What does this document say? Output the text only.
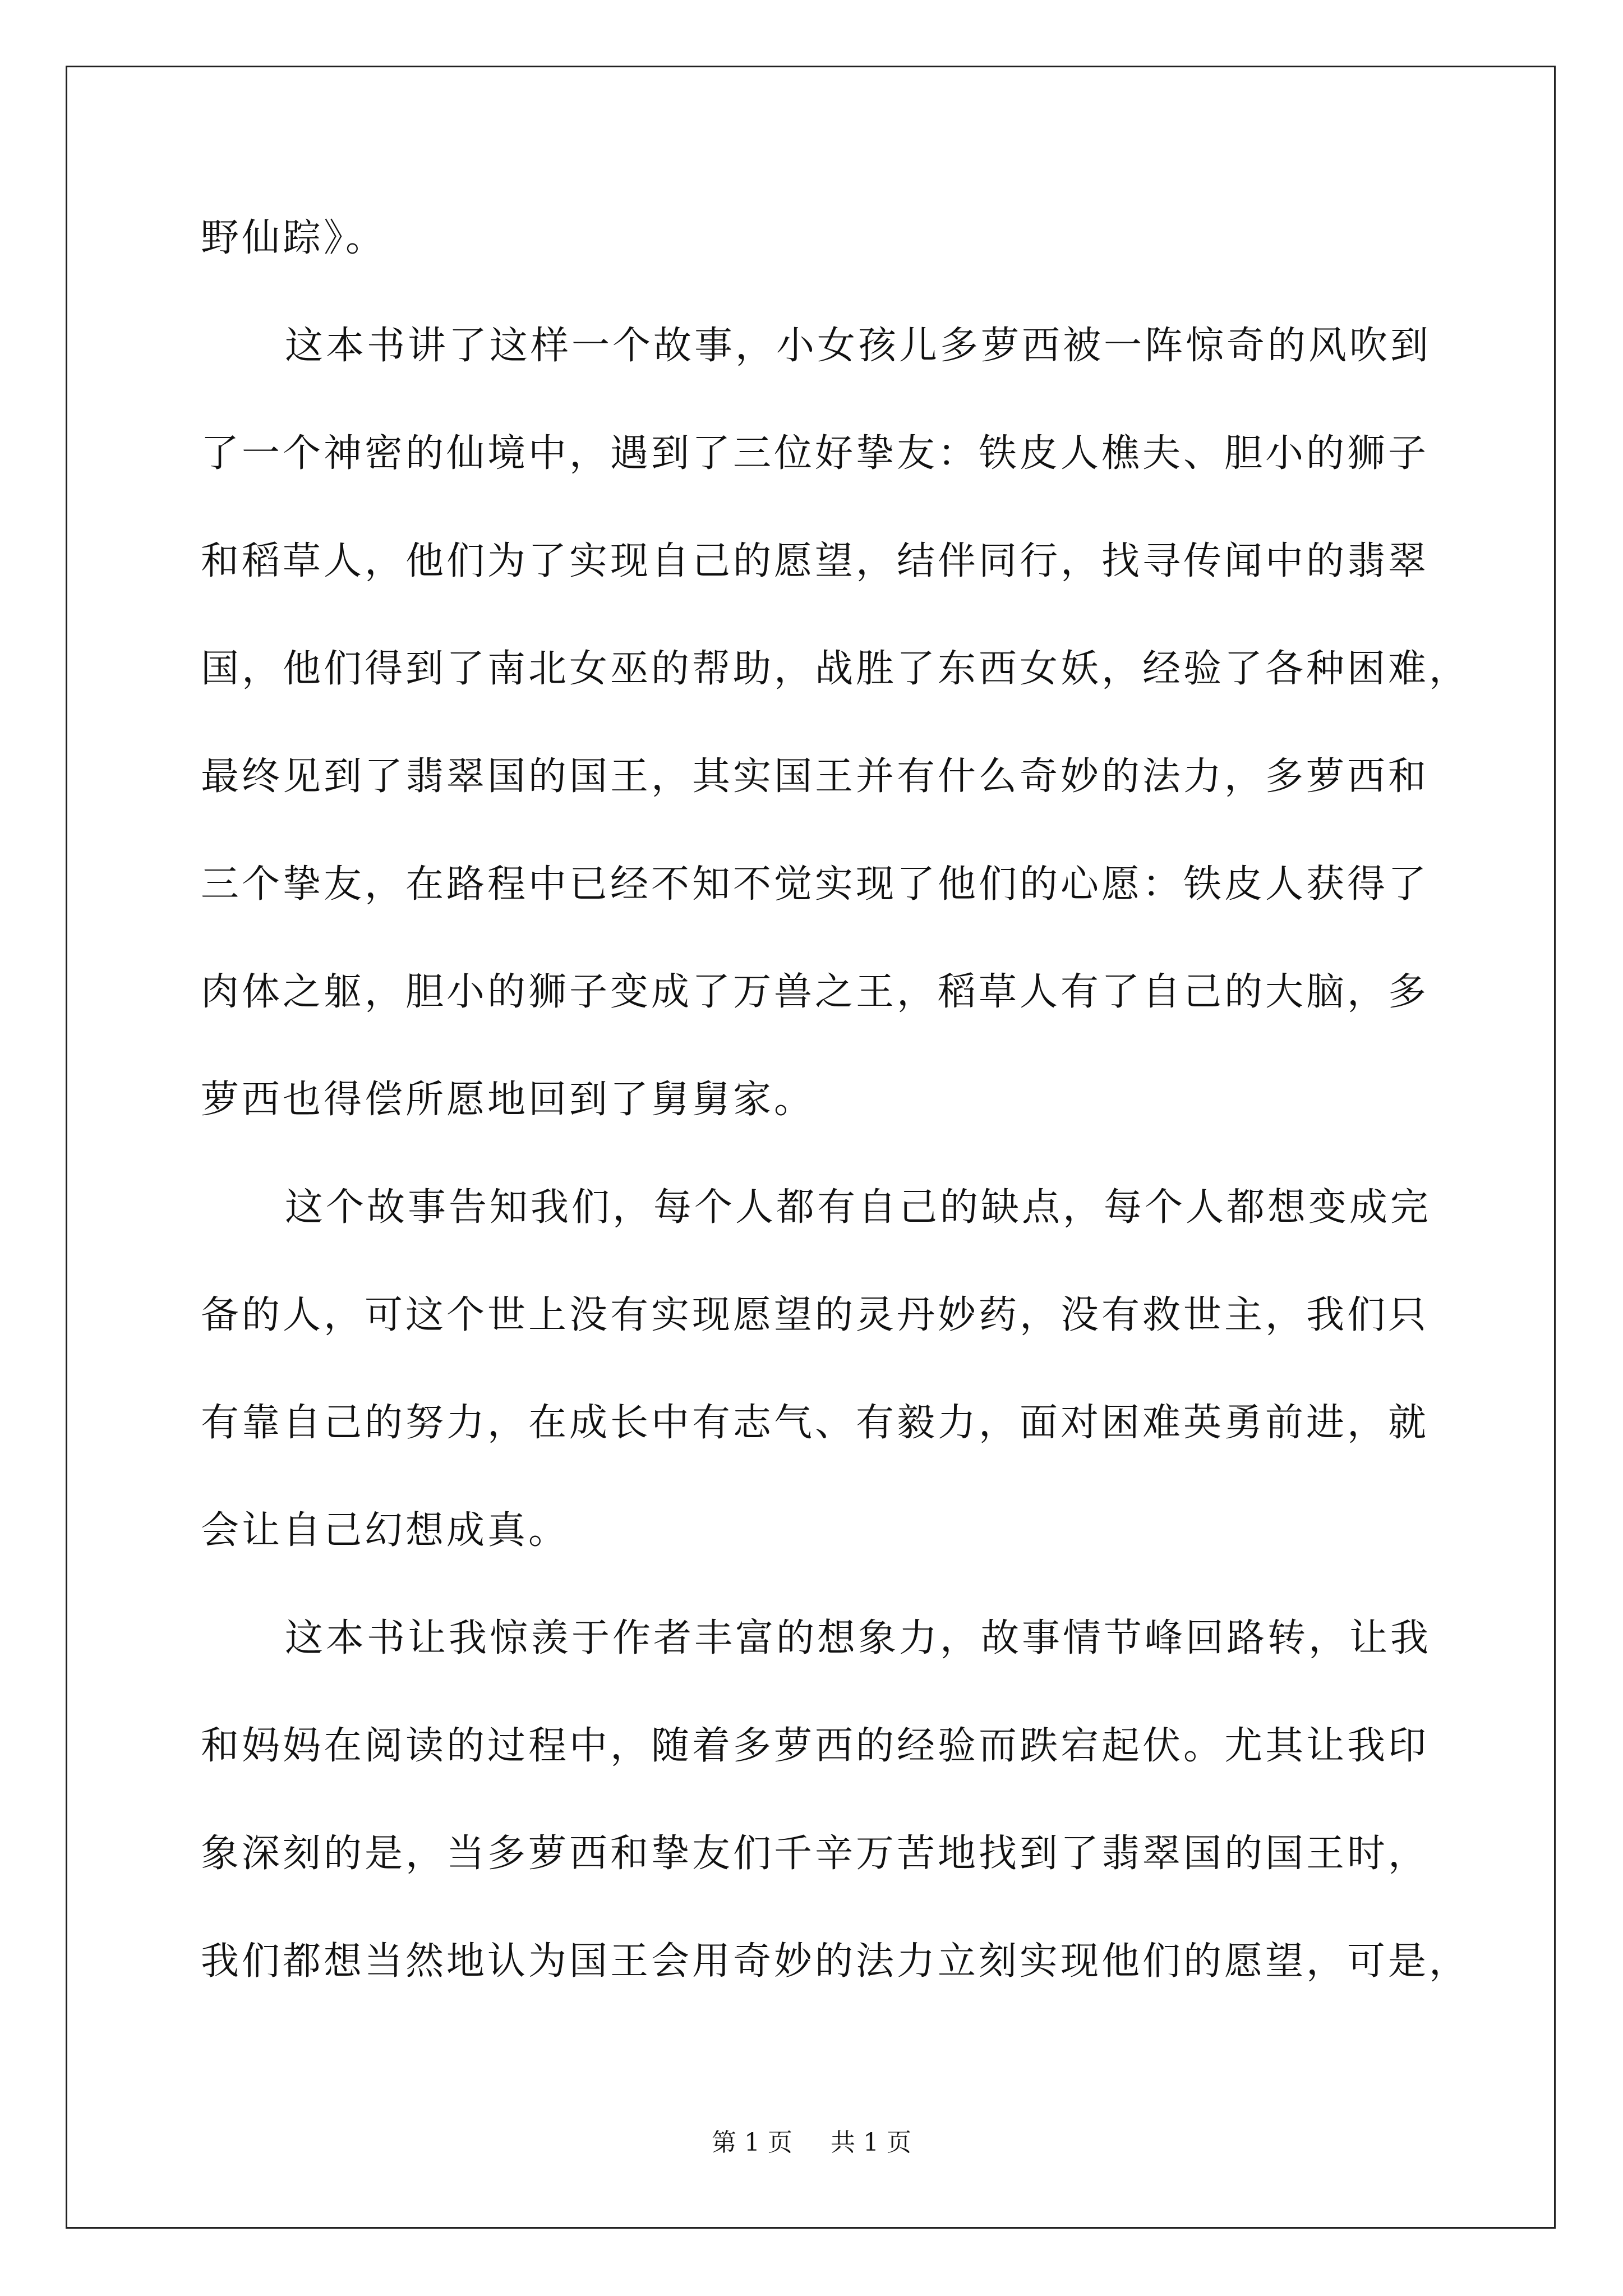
野仙踪》。
这本书讲了这样一个故事，小女孩儿多萝西被一阵惊奇的风吹到
了一个神密的仙境中，遇到了三位好挚友：铁皮人樵夫、胆小的狮子
和稻草人，他们为了实现自己的愿望，结伴同行，找寻传闻中的翡翠
国，他们得到了南北女巫的帮助，战胜了东西女妖，经验了各种困难，
最终见到了翡翠国的国王，其实国王并有什么奇妙的法力，多萝西和
三个挚友，在路程中已经不知不觉实现了他们的心愿：铁皮人获得了
肉体之躯，胆小的狮子变成了万兽之王，稻草人有了自己的大脑，多
萝西也得偿所愿地回到了舅舅家。
这个故事告知我们，每个人都有自己的缺点，每个人都想变成完
备的人，可这个世上没有实现愿望的灵丹妙药，没有救世主，我们只
有靠自己的努力，在成长中有志气、有毅力，面对困难英勇前进，就
会让自己幻想成真。
这本书让我惊羡于作者丰富的想象力，故事情节峰回路转，让我
和妈妈在阅读的过程中，随着多萝西的经验而跌宕起伏。尤其让我印
象深刻的是，当多萝西和挚友们千辛万苦地找到了翡翠国的国王时，
我们都想当然地认为国王会用奇妙的法力立刻实现他们的愿望，可是，
第 1 页 共 1 页
